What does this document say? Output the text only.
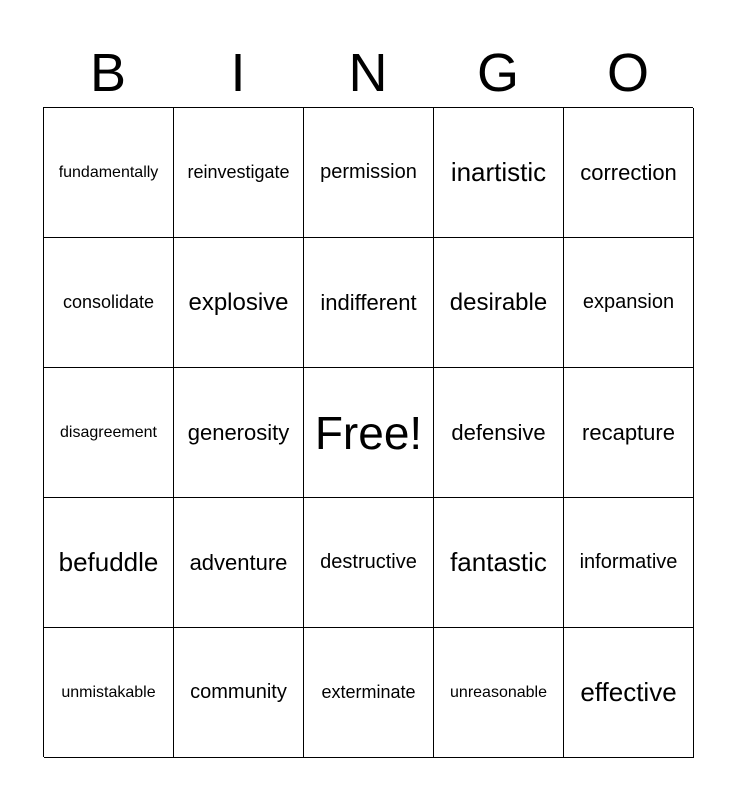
B	I	N	G	O
fundamentally reinvestigate permission inartistic correction
consolidate explosive indifferent desirable expansion
disagreement generosity Free! defensive recapture
befuddle adventure destructive fantastic informative
unmistakable community exterminate unreasonable effective
